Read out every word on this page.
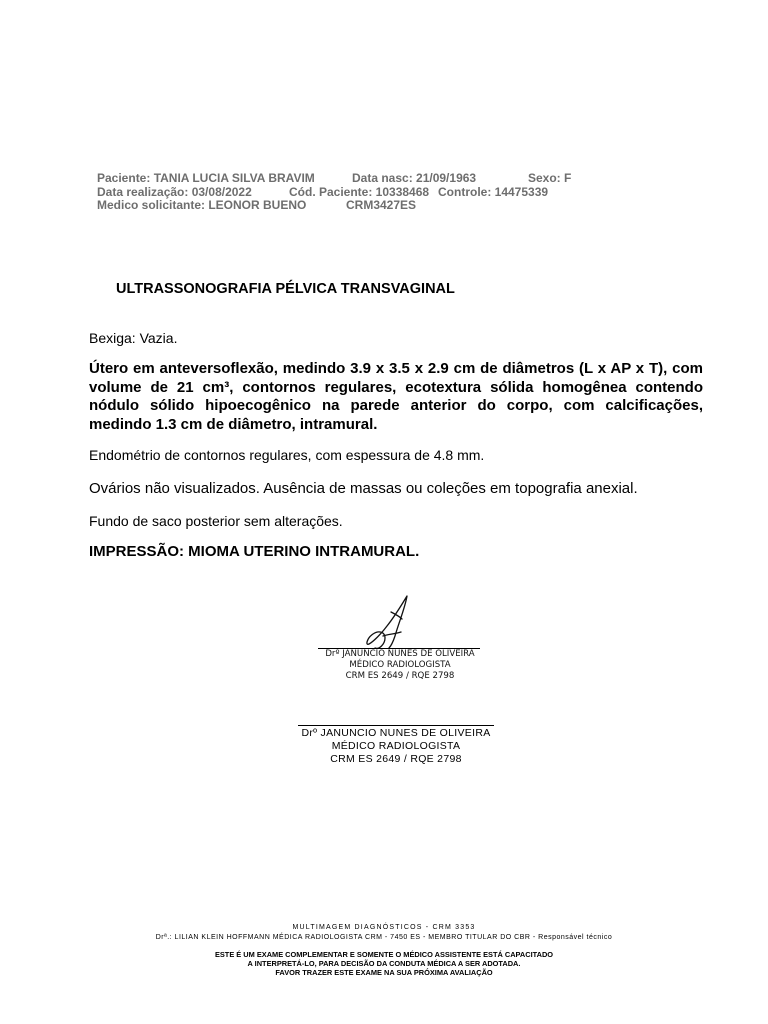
Paciente: TANIA LUCIA SILVA BRAVIM	Data nasc: 21/09/1963	Sexo: F
Data realização: 03/08/2022	Cód. Paciente: 10338468 Controle: 14475339
Medico solicitante: LEONOR BUENO	CRM3427ES
ULTRASSONOGRAFIA PÉLVICA TRANSVAGINAL
Bexiga: Vazia.
Útero em anteversoflexão, medindo 3.9 x 3.5 x 2.9 cm de diâmetros (L x AP x T), com volume de 21 cm³, contornos regulares, ecotextura sólida homogênea contendo nódulo sólido hipoecogênico na parede anterior do corpo, com calcificações, medindo 1.3 cm de diâmetro, intramural.
Endométrio de contornos regulares, com espessura de 4.8 mm.
Ovários não visualizados. Ausência de massas ou coleções em topografia anexial.
Fundo de saco posterior sem alterações.
IMPRESSÃO: MIOMA UTERINO INTRAMURAL.
Drº JANUNCIO NUNES DE OLIVEIRA
MÉDICO RADIOLOGISTA
CRM ES 2649 / RQE 2798
Drº JANUNCIO NUNES DE OLIVEIRA
MÉDICO RADIOLOGISTA
CRM ES 2649 / RQE 2798
MULTIMAGEM DIAGNÓSTICOS - CRM 3353
Drª.: LILIAN KLEIN HOFFMANN MÉDICA RADIOLOGISTA CRM - 7450 ES - MEMBRO TITULAR DO CBR - Responsável técnico
ESTE É UM EXAME COMPLEMENTAR E SOMENTE O MÉDICO ASSISTENTE ESTÁ CAPACITADO
A INTERPRETÁ-LO, PARA DECISÃO DA CONDUTA MÉDICA A SER ADOTADA.
FAVOR TRAZER ESTE EXAME NA SUA PRÓXIMA AVALIAÇÃO
